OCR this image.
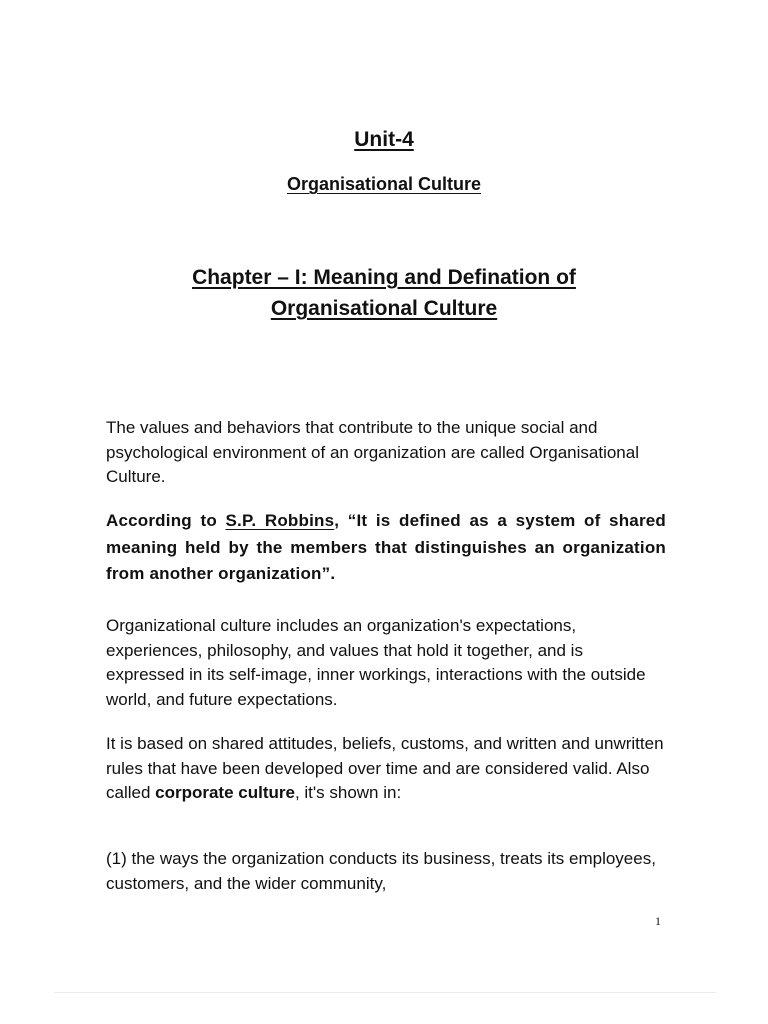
Unit-4
Organisational Culture
Chapter – I: Meaning and Defination of
Organisational Culture
The values and behaviors that contribute to the unique social and psychological environment of an organization are called Organisational Culture.
According to S.P. Robbins, “It is defined as a system of shared meaning held by the members that distinguishes an organization from another organization”.
Organizational culture includes an organization's expectations, experiences, philosophy, and values that hold it together, and is expressed in its self-image, inner workings, interactions with the outside world, and future expectations.
It is based on shared attitudes, beliefs, customs, and written and unwritten rules that have been developed over time and are considered valid. Also called corporate culture, it's shown in:
(1) the ways the organization conducts its business, treats its employees, customers, and the wider community,
1
